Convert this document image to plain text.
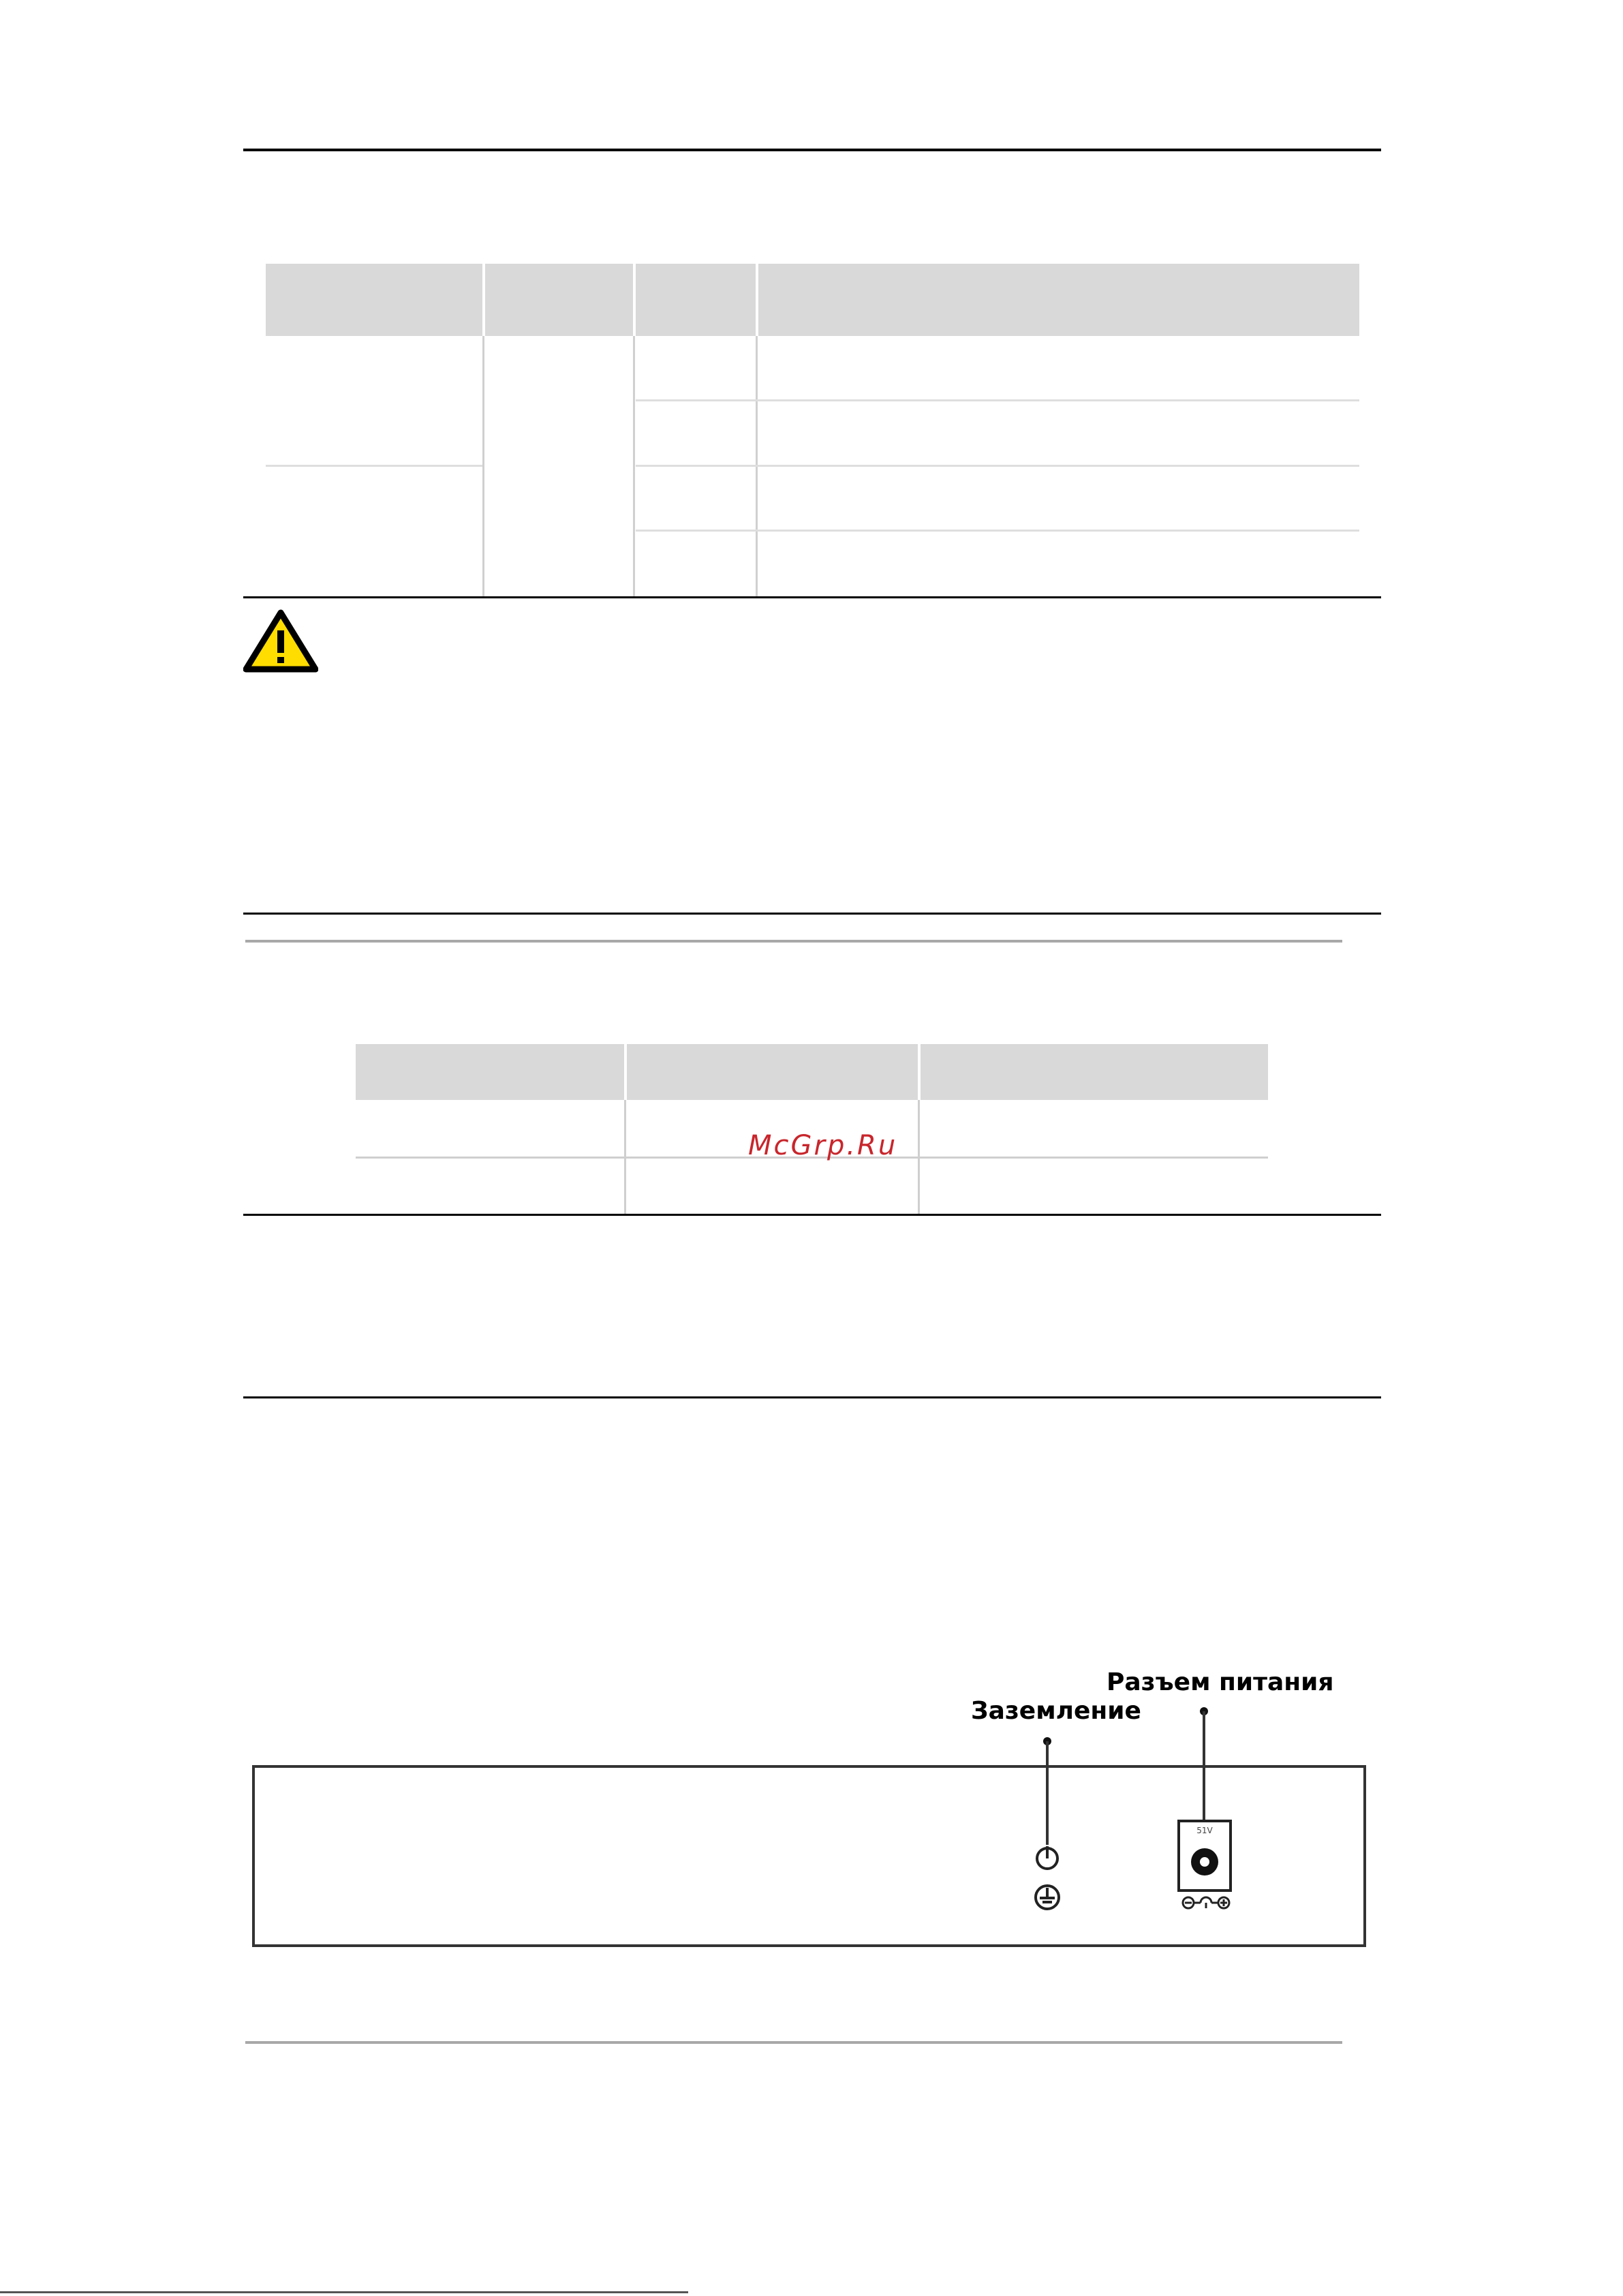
McGrp.Ru
Разъем питания
Заземление
51V
